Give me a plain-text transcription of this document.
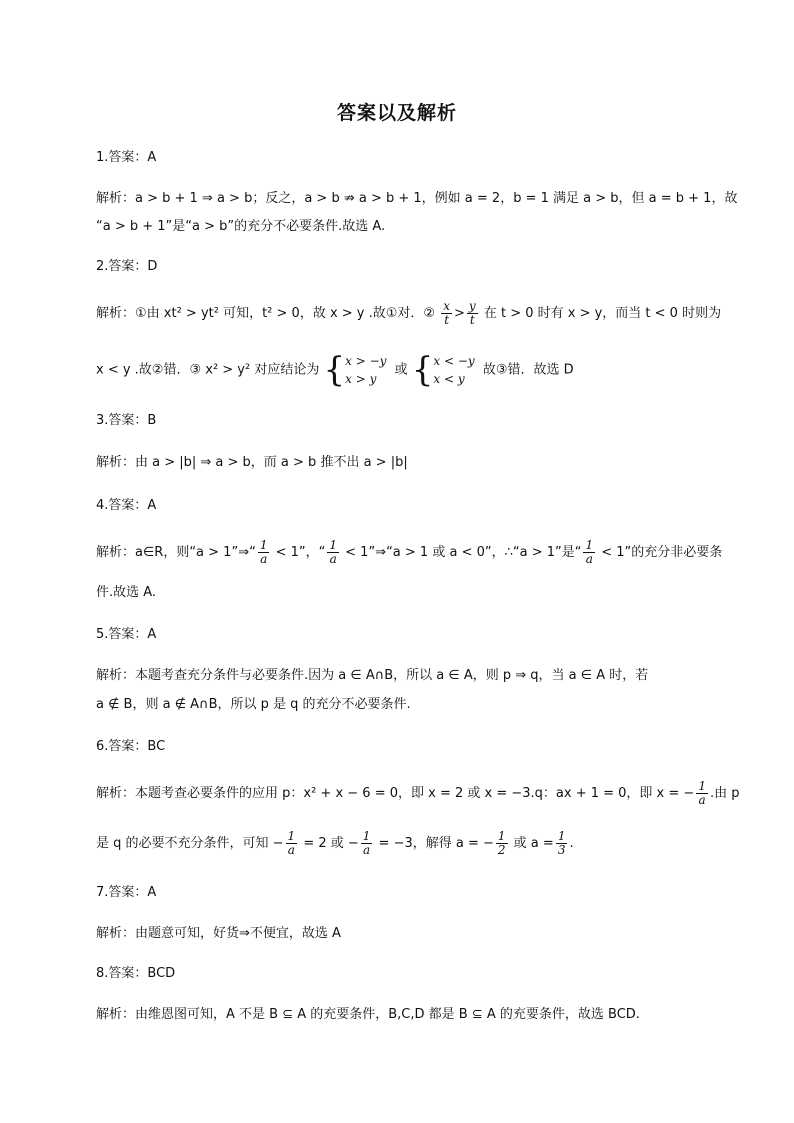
答案以及解析
1.答案：A
解析：a > b + 1 ⇒ a > b；反之，a > b ⇏ a > b + 1，例如 a = 2，b = 1 满足 a > b，但 a = b + 1，故
“a > b + 1”是“a > b”的充分不必要条件.故选 A.
2.答案：D
解析：①由 xt² > yt² 可知，t² > 0，故 x > y .故①对．② $\frac{x}{t} > \frac{y}{t}$ 在 t > 0 时有 x > y，而当 t < 0 时则为
x < y .故②错．③ x² > y² 对应结论为 { x > −y
x > y
或 { x < −y
x < y
故③错．故选 D
3.答案：B
解析：由 a > |b| ⇒ a > b，而 a > b 推不出 a > |b|
4.答案：A
解析：a∈R，则“a > 1”⇒“ $\frac{1}{a} < 1$”，“ $\frac{1}{a}$ < 1”⇒“a > 1 或 a < 0”，∴“a > 1”是“ $\frac{1}{a} < 1$”的充分非必要条
件.故选 A.
5.答案：A
解析：本题考查充分条件与必要条件.因为 a ∈ A∩B，所以 a ∈ A，则 p ⇒ q，当 a ∈ A 时，若
a ∉ B，则 a ∉ A∩B，所以 p 是 q 的充分不必要条件.
6.答案：BC
解析：本题考查必要条件的应用 p：x² + x − 6 = 0，即 x = 2 或 x = −3.q：ax + 1 = 0，即 x = − $\frac{1}{a}$ .由 p
是 q 的必要不充分条件，可知 − $\frac{1}{a} = 2$ 或 − $\frac{1}{a} = -3$，解得 a = − $\frac{1}{2}$ 或 $a = \frac{1}{3}$ .
7.答案：A
解析：由题意可知，好货⇒不便宜，故选 A
8.答案：BCD
解析：由维恩图可知，A 不是 B ⊆ A 的充要条件，B,C,D 都是 B ⊆ A 的充要条件，故选 BCD.
